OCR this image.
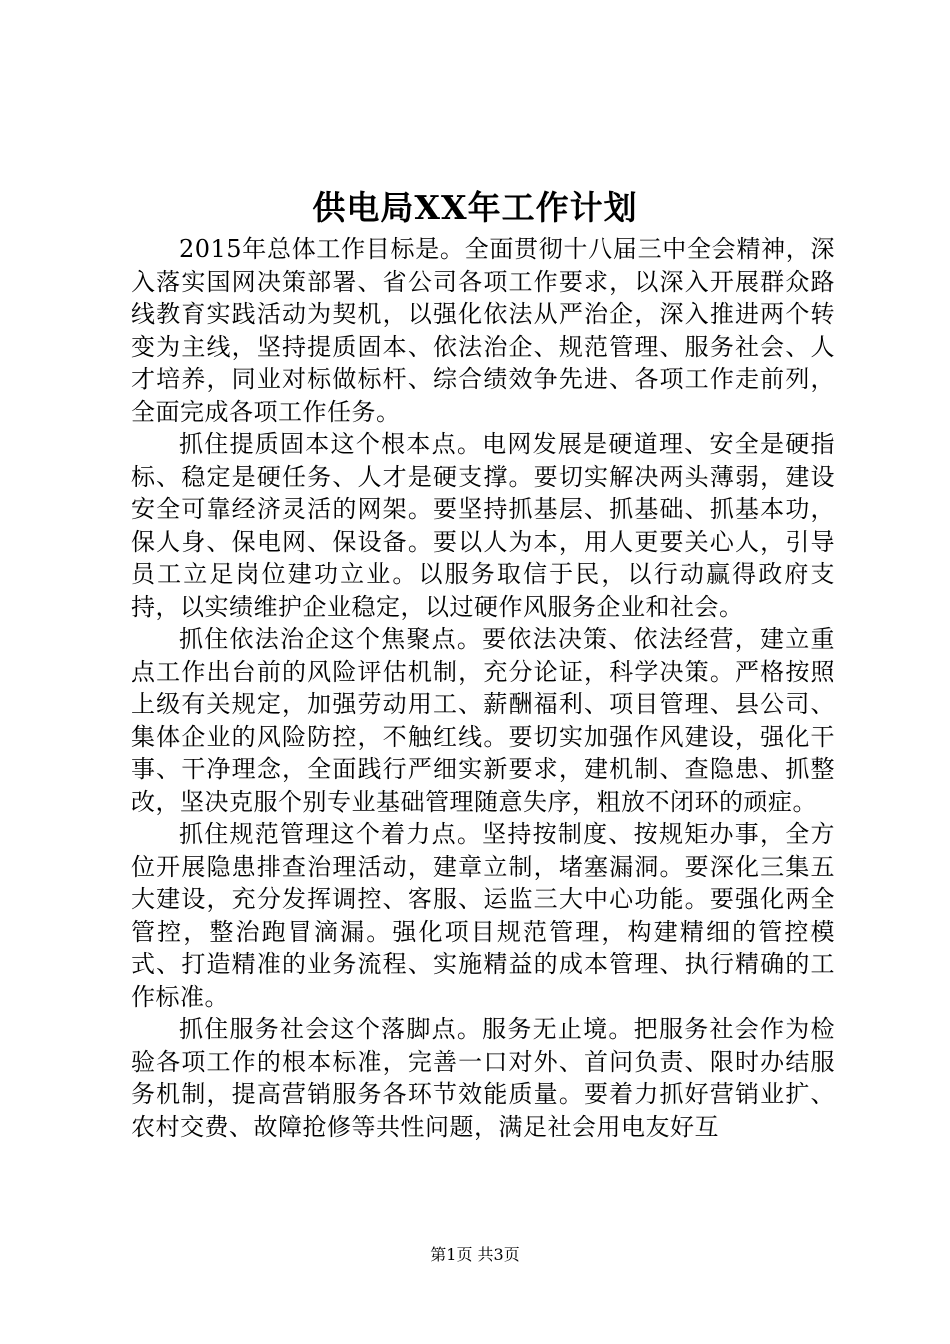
供电局XX年工作计划

2015年总体工作目标是。全面贯彻十八届三中全会精神，深入落实国网决策部署、省公司各项工作要求，以深入开展群众路线教育实践活动为契机，以强化依法从严治企，深入推进两个转变为主线，坚持提质固本、依法治企、规范管理、服务社会、人才培养，同业对标做标杆、综合绩效争先进、各项工作走前列，全面完成各项工作任务。

抓住提质固本这个根本点。电网发展是硬道理、安全是硬指标、稳定是硬任务、人才是硬支撑。要切实解决两头薄弱，建设安全可靠经济灵活的网架。要坚持抓基层、抓基础、抓基本功，保人身、保电网、保设备。要以人为本，用人更要关心人，引导员工立足岗位建功立业。以服务取信于民，以行动赢得政府支持，以实绩维护企业稳定，以过硬作风服务企业和社会。

抓住依法治企这个焦聚点。要依法决策、依法经营，建立重点工作出台前的风险评估机制，充分论证，科学决策。严格按照上级有关规定，加强劳动用工、薪酬福利、项目管理、县公司、集体企业的风险防控，不触红线。要切实加强作风建设，强化干事、干净理念，全面践行严细实新要求，建机制、查隐患、抓整改，坚决克服个别专业基础管理随意失序，粗放不闭环的顽症。

抓住规范管理这个着力点。坚持按制度、按规矩办事，全方位开展隐患排查治理活动，建章立制，堵塞漏洞。要深化三集五大建设，充分发挥调控、客服、运监三大中心功能。要强化两全管控，整治跑冒滴漏。强化项目规范管理，构建精细的管控模式、打造精准的业务流程、实施精益的成本管理、执行精确的工作标准。

抓住服务社会这个落脚点。服务无止境。把服务社会作为检验各项工作的根本标准，完善一口对外、首问负责、限时办结服务机制，提高营销服务各环节效能质量。要着力抓好营销业扩、农村交费、故障抢修等共性问题，满足社会用电友好互

第1页 共3页
